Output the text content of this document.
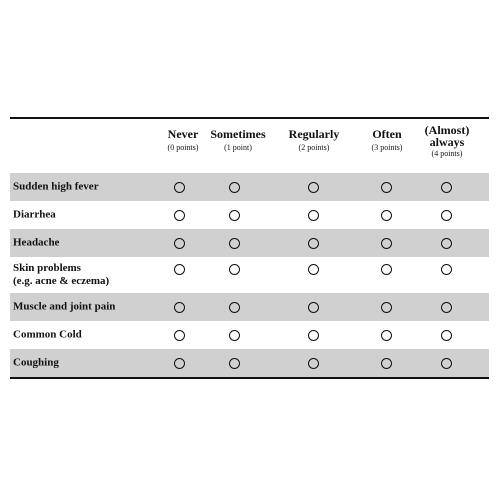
Never
(0 points)
Sometimes
(1 point)
Regularly
(2 points)
Often
(3 points)
(Almost)
always
(4 points)
Sudden high fever
Diarrhea
Headache
Skin problems
(e.g. acne & eczema)
Muscle and joint pain
Common Cold
Coughing
